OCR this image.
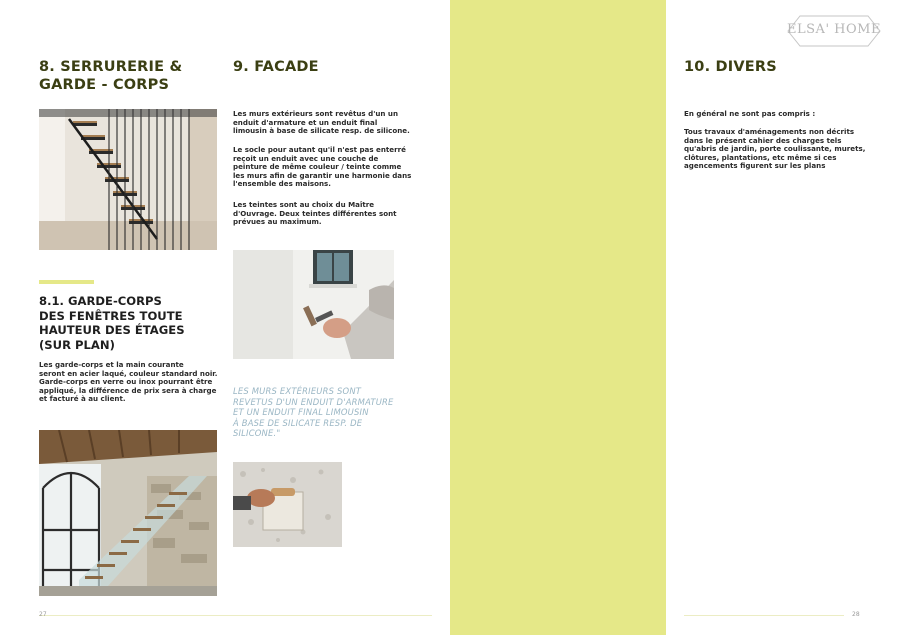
8. SERRURERIE &
GARDE - CORPS
8.1. GARDE-CORPS
DES FENÊTRES TOUTE
HAUTEUR DES ÉTAGES
(SUR PLAN)

Les garde-corps et la main courante
seront en acier laqué, couleur standard noir.
Garde-corps en verre ou inox pourrant être
appliqué, la différence de prix sera à charge
et facturé à au client.

9. FACADE

Les murs extérieurs sont revêtus d'un un
enduit d'armature et un enduit final
limousin à base de silicate resp. de silicone.

Le socle pour autant qu'il n'est pas enterré
reçoit un enduit avec une couche de
peinture de même couleur / teinte comme
les murs afin de garantir une harmonie dans
l'ensemble des maisons.

Les teintes sont au choix du Maître
d'Ouvrage. Deux teintes différentes sont
prévues au maximum.

LES MURS EXTÉRIEURS SONT
REVETUS D'UN ENDUIT D'ARMATURE
ET UN ENDUIT FINAL LIMOUSIN
À BASE DE SILICATE RESP. DE
SILICONE."

27
ELSA' HOME
10. DIVERS

En général ne sont pas compris :

Tous travaux d'aménagements non décrits
dans le présent cahier des charges tels
qu'abris de jardin, porte coulissante, murets,
clôtures, plantations, etc même si ces
agencements figurent sur les plans

28
